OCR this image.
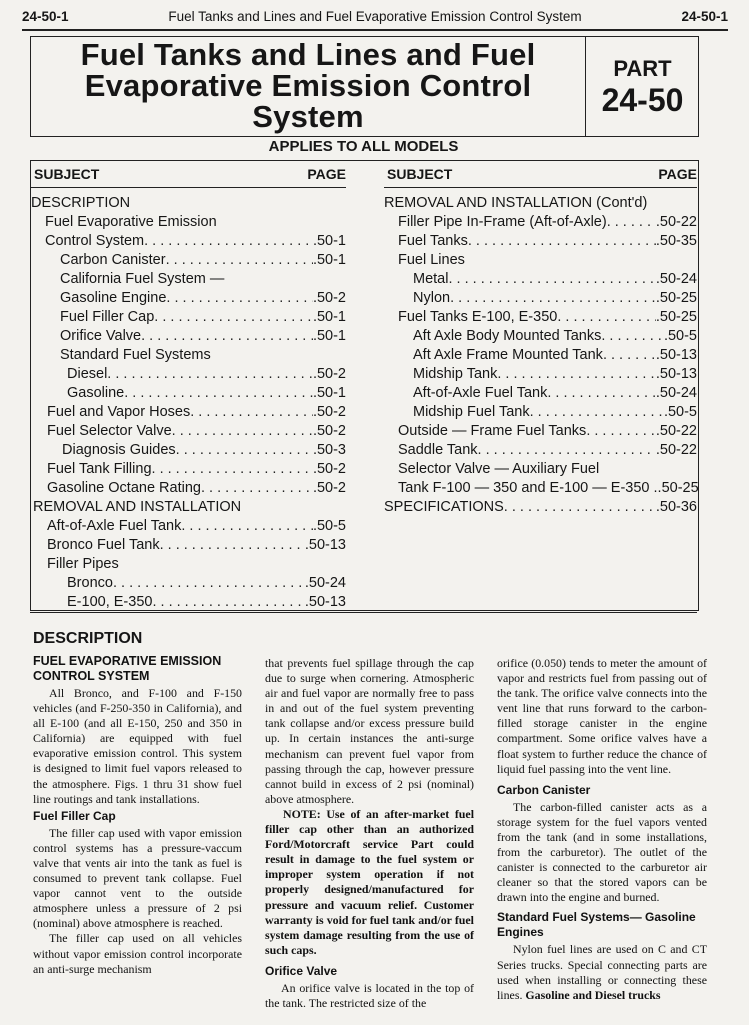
24-50-1	Fuel Tanks and Lines and Fuel Evaporative Emission Control System	24-50-1
Fuel Tanks and Lines and Fuel
Evaporative Emission Control
System
PART
24-50
APPLIES TO ALL MODELS
SUBJECT	PAGE
DESCRIPTION
Fuel Evaporative Emission
Control System . . .	.50-1
Carbon Canister . . .	.50-1
California Fuel System —
Gasoline Engine . . .	.50-2
Fuel Filler Cap . . .	.50-1
Orifice Valve . . .	.50-1
Standard Fuel Systems
Diesel . . .	.50-2
Gasoline . . .	.50-1
Fuel and Vapor Hoses . . .	.50-2
Fuel Selector Valve . . .	.50-2
Diagnosis Guides . . .	.50-3
Fuel Tank Filling . . .	.50-2
Gasoline Octane Rating . . .	.50-2
REMOVAL AND INSTALLATION
Aft-of-Axle Fuel Tank . . .	.50-5
Bronco Fuel Tank . . .	.50-13
Filler Pipes
Bronco . . .	.50-24
E-100, E-350 . . .	.50-13
SUBJECT	PAGE
REMOVAL AND INSTALLATION (Cont'd)
Filler Pipe In-Frame (Aft-of-Axle) . . .	.50-22
Fuel Tanks . . .	.50-35
Fuel Lines
Metal . . .	.50-24
Nylon . . .	.50-25
Fuel Tanks E-100, E-350 . . .	.50-25
Aft Axle Body Mounted Tanks . . .	.50-5
Aft Axle Frame Mounted Tank . . .	.50-13
Midship Tank . . .	.50-13
Aft-of-Axle Fuel Tank . . .	.50-24
Midship Fuel Tank . . .	.50-5
Outside — Frame Fuel Tanks . . .	.50-22
Saddle Tank . . .	.50-22
Selector Valve — Auxiliary Fuel
Tank F-100 — 350 and E-100 — E-350 . .50-25
SPECIFICATIONS . . .	.50-36
DESCRIPTION
FUEL EVAPORATIVE EMISSION CONTROL SYSTEM

All Bronco, and F-100 and F-150 vehicles (and F-250-350 in California), and all E-100 (and all E-150, 250 and 350 in California) are equipped with fuel evaporative emission control. This system is designed to limit fuel vapors released to the atmosphere. Figs. 1 thru 31 show fuel line routings and tank installations.

Fuel Filler Cap

The filler cap used with vapor emission control systems has a pressure-vaccum valve that vents air into the tank as fuel is consumed to prevent tank collapse. Fuel vapor cannot vent to the outside atmosphere unless a pressure of 2 psi (nominal) above atmosphere is reached.

The filler cap used on all vehicles without vapor emission control incorporate an anti-surge mechanism

that prevents fuel spillage through the cap due to surge when cornering. Atmospheric air and fuel vapor are normally free to pass in and out of the fuel system preventing tank collapse and/or excess pressure build up. In certain instances the anti-surge mechanism can prevent fuel vapor from passing through the cap, however pressure cannot build in excess of 2 psi (nominal) above atmosphere.

NOTE: Use of an after-market fuel filler cap other than an authorized Ford/Motorcraft service Part could result in damage to the fuel system or improper system operation if not properly designed/manufactured for pressure and vacuum relief. Customer warranty is void for fuel tank and/or fuel system damage resulting from the use of such caps.

Orifice Valve

An orifice valve is located in the top of the tank. The restricted size of the

orifice (0.050) tends to meter the amount of vapor and restricts fuel from passing out of the tank. The orifice valve connects into the vent line that runs forward to the carbon-filled storage canister in the engine compartment. Some orifice valves have a float system to further reduce the chance of liquid fuel passing into the vent line.

Carbon Canister

The carbon-filled canister acts as a storage system for the fuel vapors vented from the tank (and in some installations, from the carburetor). The outlet of the canister is connected to the carburetor air cleaner so that the stored vapors can be drawn into the engine and burned.

Standard Fuel Systems— Gasoline Engines

Nylon fuel lines are used on C and CT Series trucks. Special connecting parts are used when installing or connecting these lines. Gasoline and Diesel trucks
